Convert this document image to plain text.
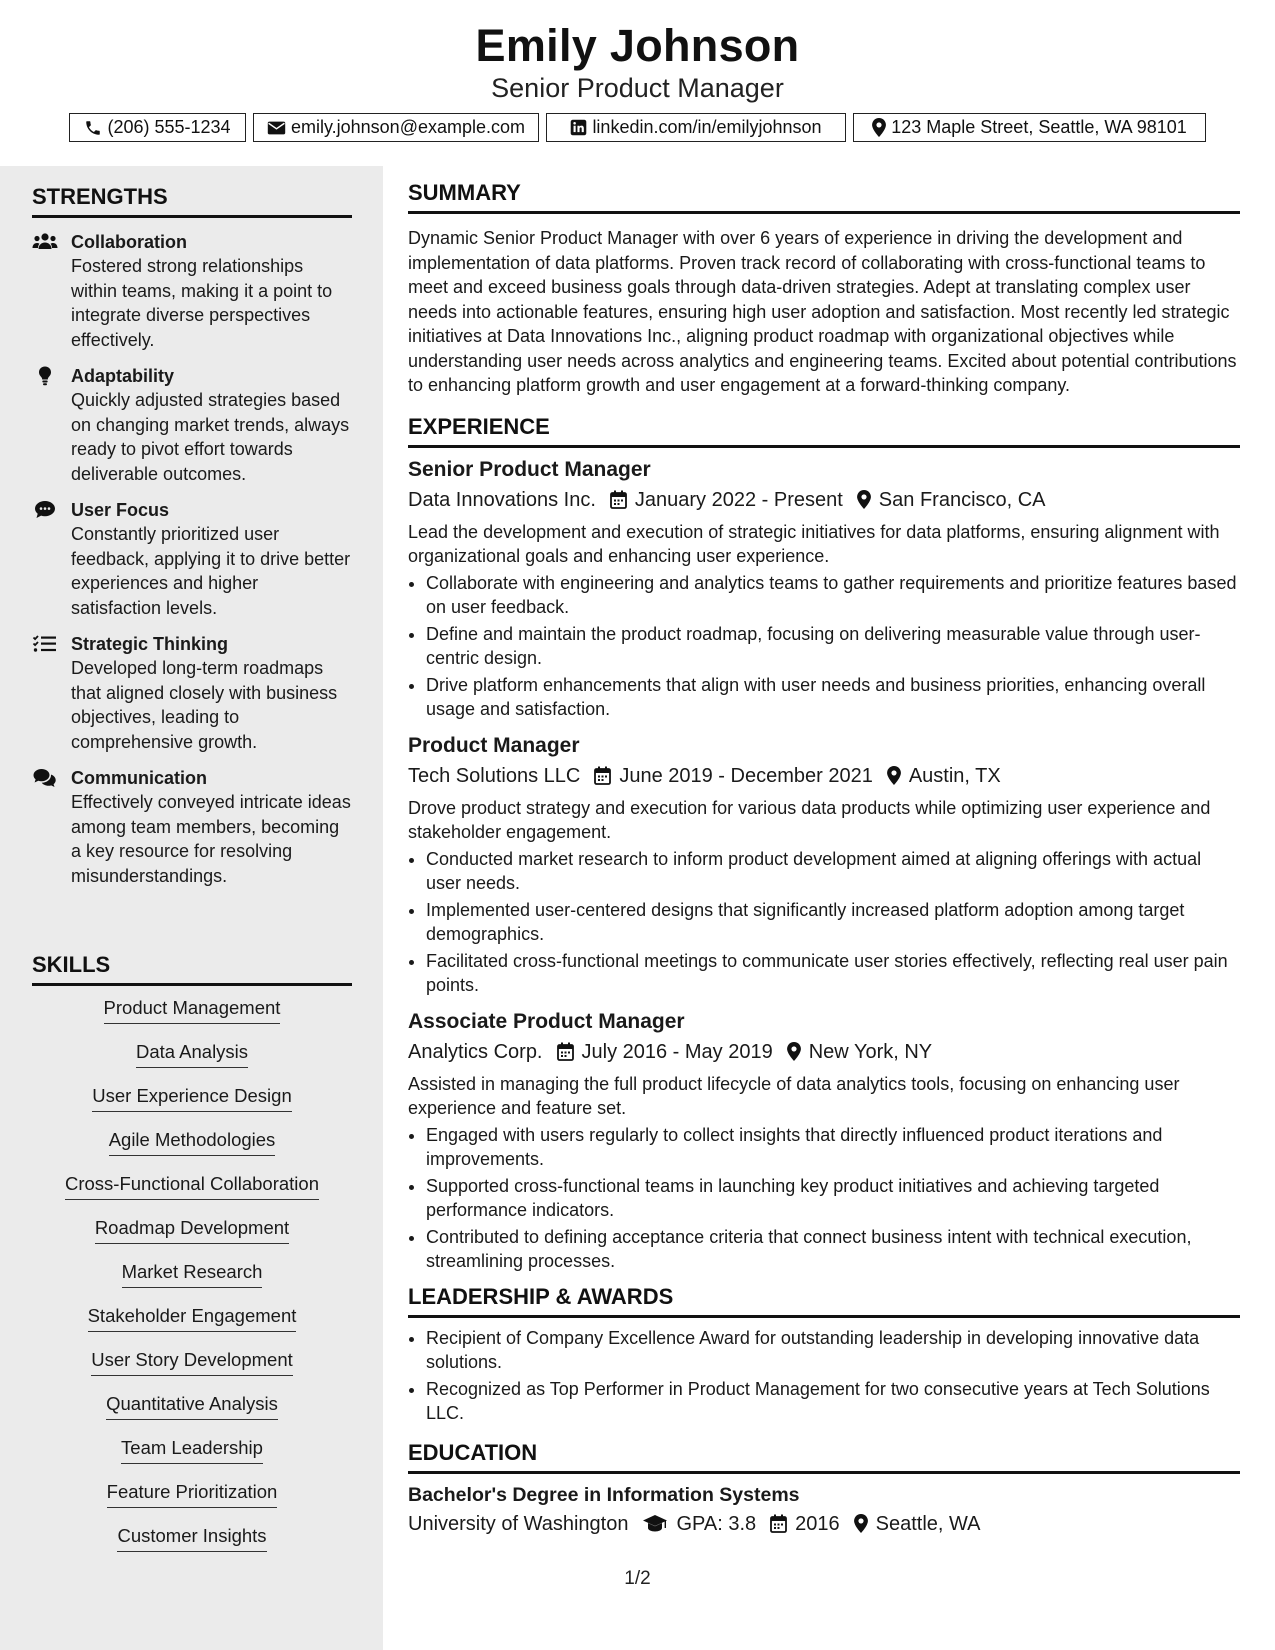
Emily Johnson
Senior Product Manager
(206) 555-1234	emily.johnson@example.com	linkedin.com/in/emilyjohnson	123 Maple Street, Seattle, WA 98101
STRENGTHS
Collaboration
Fostered strong relationships within teams, making it a point to integrate diverse perspectives effectively.
Adaptability
Quickly adjusted strategies based on changing market trends, always ready to pivot effort towards deliverable outcomes.
User Focus
Constantly prioritized user feedback, applying it to drive better experiences and higher satisfaction levels.
Strategic Thinking
Developed long-term roadmaps that aligned closely with business objectives, leading to comprehensive growth.
Communication
Effectively conveyed intricate ideas among team members, becoming a key resource for resolving misunderstandings.
SKILLS
Product Management
Data Analysis
User Experience Design
Agile Methodologies
Cross-Functional Collaboration
Roadmap Development
Market Research
Stakeholder Engagement
User Story Development
Quantitative Analysis
Team Leadership
Feature Prioritization
Customer Insights
SUMMARY
Dynamic Senior Product Manager with over 6 years of experience in driving the development and implementation of data platforms. Proven track record of collaborating with cross-functional teams to meet and exceed business goals through data-driven strategies. Adept at translating complex user needs into actionable features, ensuring high user adoption and satisfaction. Most recently led strategic initiatives at Data Innovations Inc., aligning product roadmap with organizational objectives while understanding user needs across analytics and engineering teams. Excited about potential contributions to enhancing platform growth and user engagement at a forward-thinking company.
EXPERIENCE
Senior Product Manager
Data Innovations Inc. January 2022 - Present San Francisco, CA
Lead the development and execution of strategic initiatives for data platforms, ensuring alignment with organizational goals and enhancing user experience.
• Collaborate with engineering and analytics teams to gather requirements and prioritize features based on user feedback.
• Define and maintain the product roadmap, focusing on delivering measurable value through user-centric design.
• Drive platform enhancements that align with user needs and business priorities, enhancing overall usage and satisfaction.
Product Manager
Tech Solutions LLC June 2019 - December 2021 Austin, TX
Drove product strategy and execution for various data products while optimizing user experience and stakeholder engagement.
• Conducted market research to inform product development aimed at aligning offerings with actual user needs.
• Implemented user-centered designs that significantly increased platform adoption among target demographics.
• Facilitated cross-functional meetings to communicate user stories effectively, reflecting real user pain points.
Associate Product Manager
Analytics Corp. July 2016 - May 2019 New York, NY
Assisted in managing the full product lifecycle of data analytics tools, focusing on enhancing user experience and feature set.
• Engaged with users regularly to collect insights that directly influenced product iterations and improvements.
• Supported cross-functional teams in launching key product initiatives and achieving targeted performance indicators.
• Contributed to defining acceptance criteria that connect business intent with technical execution, streamlining processes.
LEADERSHIP & AWARDS
• Recipient of Company Excellence Award for outstanding leadership in developing innovative data solutions.
• Recognized as Top Performer in Product Management for two consecutive years at Tech Solutions LLC.
EDUCATION
Bachelor's Degree in Information Systems
University of Washington GPA: 3.8 2016 Seattle, WA
1/2
